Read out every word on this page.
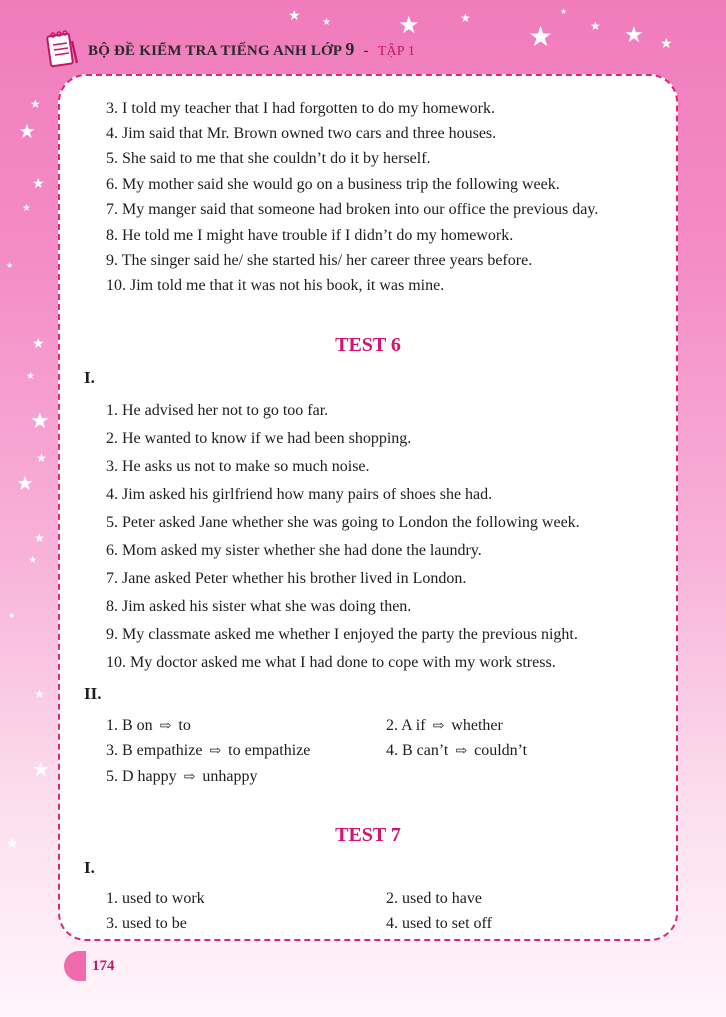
★ ★	★	★
★	★ ★ ★
★
★
★
★
★
★
★
★
★
★
★
★
★
★
★
★
★
BỘ ĐỀ KIỂM TRA TIẾNG ANH LỚP 9 - TẬP 1
3. I told my teacher that I had forgotten to do my homework.
4. Jim said that Mr. Brown owned two cars and three houses.
5. She said to me that she couldn’t do it by herself.
6. My mother said she would go on a business trip the following week.
7. My manger said that someone had broken into our office the previous day.
8. He told me I might have trouble if I didn’t do my homework.
9. The singer said he/ she started his/ her career three years before.
10. Jim told me that it was not his book, it was mine.
TEST 6
I.
1. He advised her not to go too far.
2. He wanted to know if we had been shopping.
3. He asks us not to make so much noise.
4. Jim asked his girlfriend how many pairs of shoes she had.
5. Peter asked Jane whether she was going to London the following week.
6. Mom asked my sister whether she had done the laundry.
7. Jane asked Peter whether his brother lived in London.
8. Jim asked his sister what she was doing then.
9. My classmate asked me whether I enjoyed the party the previous night.
10. My doctor asked me what I had done to cope with my work stress.
II.
1. B on ⇨ to	2. A if ⇨ whether
3. B empathize ⇨ to empathize	4. B can’t ⇨ couldn’t
5. D happy ⇨ unhappy
TEST 7
I.
1. used to work	2. used to have
3. used to be	4. used to set off
174
